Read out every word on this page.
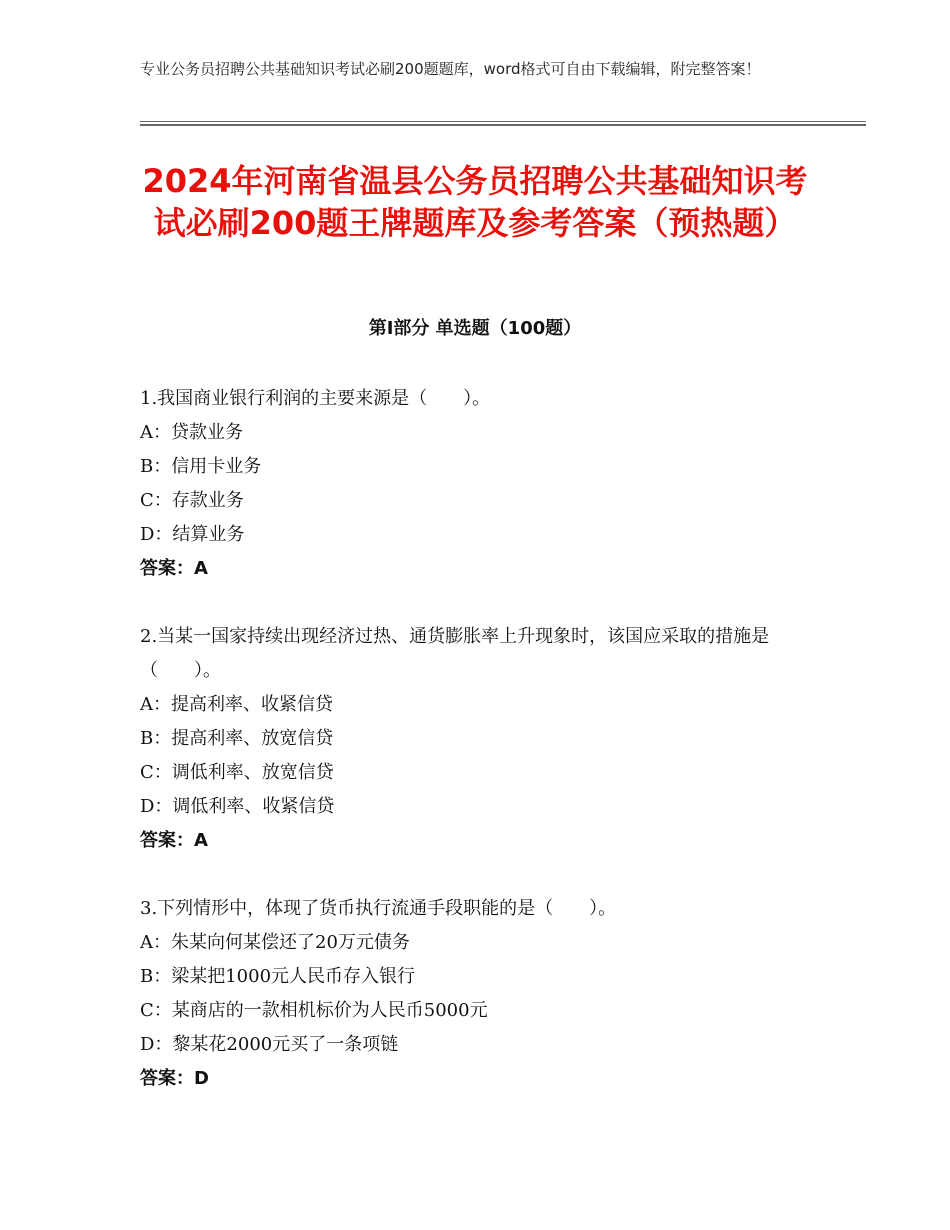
专业公务员招聘公共基础知识考试必刷200题题库，word格式可自由下载编辑，附完整答案！
2024年河南省温县公务员招聘公共基础知识考试必刷200题王牌题库及参考答案（预热题）
第Ⅰ部分 单选题（100题）

1.我国商业银行利润的主要来源是（　　）。

A：贷款业务

B：信用卡业务

C：存款业务

D：结算业务

答案：A

2.当某一国家持续出现经济过热、通货膨胀率上升现象时，该国应采取的措施是（　　）。

A：提高利率、收紧信贷

B：提高利率、放宽信贷

C：调低利率、放宽信贷

D：调低利率、收紧信贷

答案：A

3.下列情形中，体现了货币执行流通手段职能的是（　　）。

A：朱某向何某偿还了20万元债务

B：梁某把1000元人民币存入银行

C：某商店的一款相机标价为人民币5000元

D：黎某花2000元买了一条项链

答案：D
